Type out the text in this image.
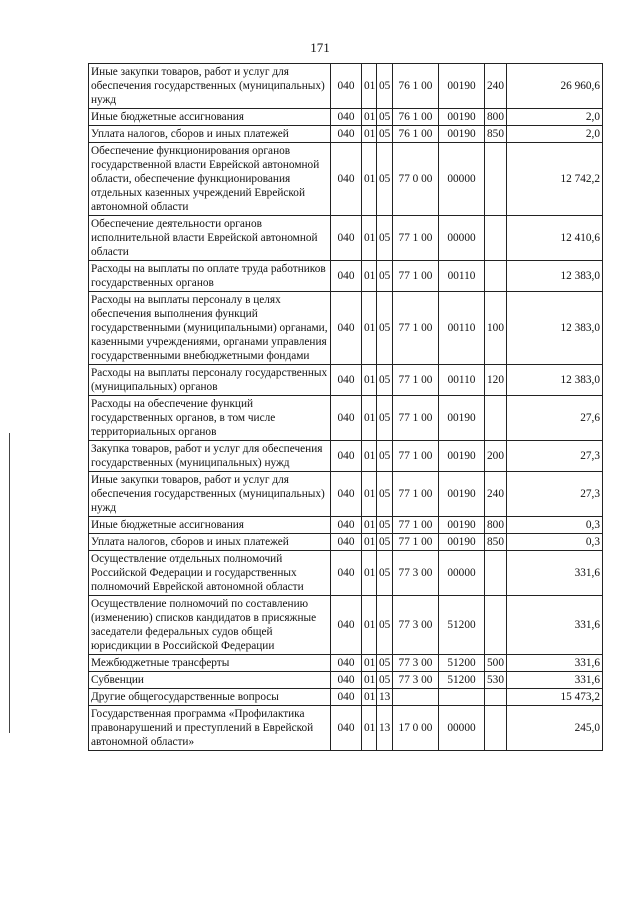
171
Иные закупки товаров, работ и услуг для обеспечения государственных (муниципальных) нужд	040	01	05	76 1 00	00190	240	26 960,6
Иные бюджетные ассигнования	040	01	05	76 1 00	00190	800	2,0
Уплата налогов, сборов и иных платежей	040	01	05	76 1 00	00190	850	2,0
Обеспечение функционирования органов государственной власти Еврейской автономной области, обеспечение функционирования отдельных казенных учреждений Еврейской автономной области	040	01	05	77 0 00	00000		12 742,2
Обеспечение деятельности органов исполнительной власти Еврейской автономной области	040	01	05	77 1 00	00000		12 410,6
Расходы на выплаты по оплате труда работников государственных органов	040	01	05	77 1 00	00110		12 383,0
Расходы на выплаты персоналу в целях обеспечения выполнения функций государственными (муниципальными) органами, казенными учреждениями, органами управления государственными внебюджетными фондами	040	01	05	77 1 00	00110	100	12 383,0
Расходы на выплаты персоналу государственных (муниципальных) органов	040	01	05	77 1 00	00110	120	12 383,0
Расходы на обеспечение функций государственных органов, в том числе территориальных органов	040	01	05	77 1 00	00190		27,6
Закупка товаров, работ и услуг для обеспечения государственных (муниципальных) нужд	040	01	05	77 1 00	00190	200	27,3
Иные закупки товаров, работ и услуг для обеспечения государственных (муниципальных) нужд	040	01	05	77 1 00	00190	240	27,3
Иные бюджетные ассигнования	040	01	05	77 1 00	00190	800	0,3
Уплата налогов, сборов и иных платежей	040	01	05	77 1 00	00190	850	0,3
Осуществление отдельных полномочий Российской Федерации и государственных полномочий Еврейской автономной области	040	01	05	77 3 00	00000		331,6
Осуществление полномочий по составлению (изменению) списков кандидатов в присяжные заседатели федеральных судов общей юрисдикции в Российской Федерации	040	01	05	77 3 00	51200		331,6
Межбюджетные трансферты	040	01	05	77 3 00	51200	500	331,6
Субвенции	040	01	05	77 3 00	51200	530	331,6
Другие общегосударственные вопросы	040	01	13				15 473,2
Государственная программа «Профилактика правонарушений и преступлений в Еврейской автономной области»	040	01	13	17 0 00	00000		245,0
